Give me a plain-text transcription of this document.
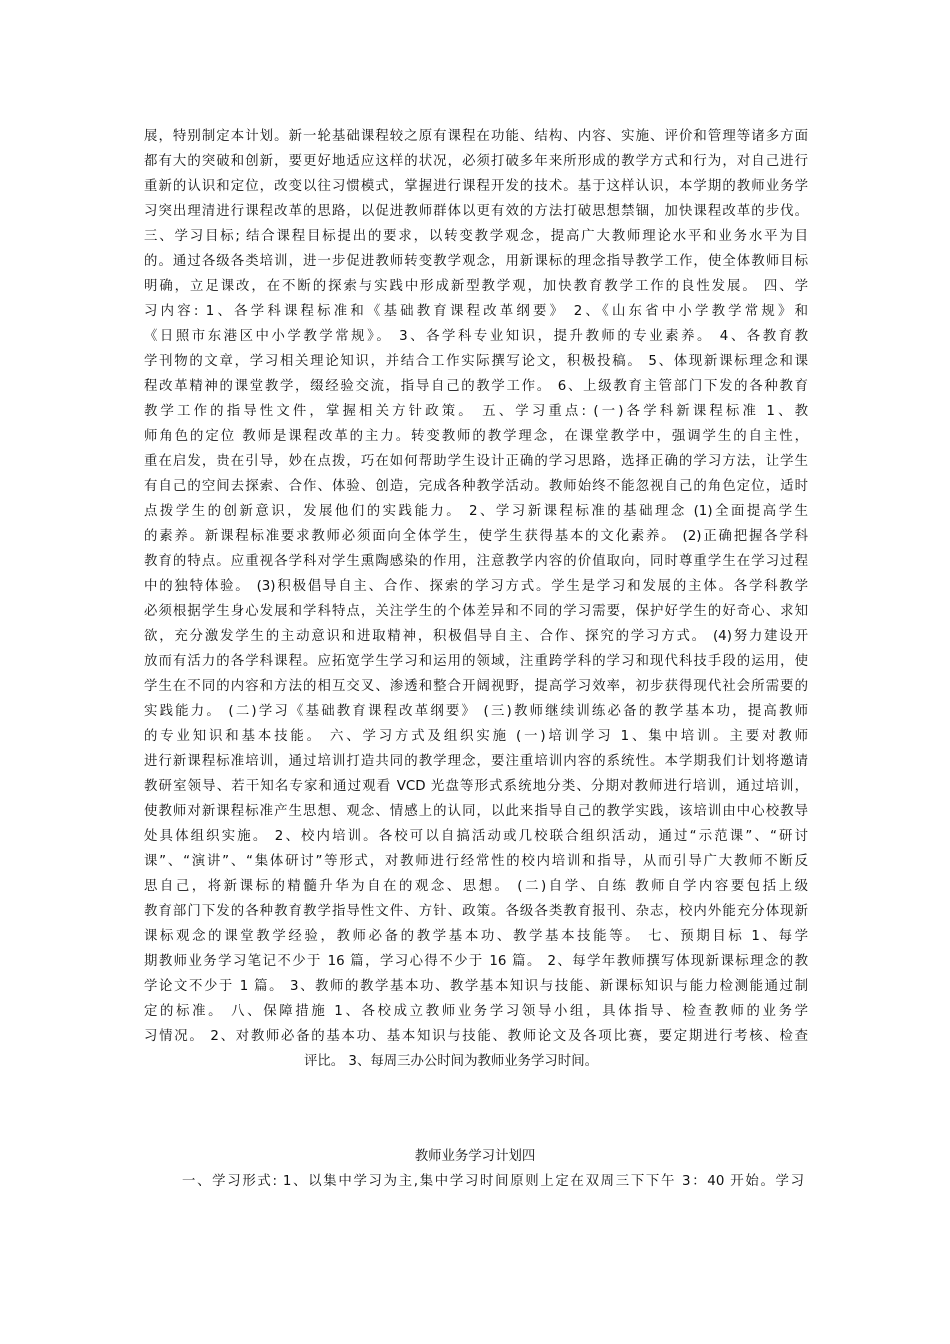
展，特别制定本计划。新一轮基础课程较之原有课程在功能、结构、内容、实施、评价和管理等诸多方面
都有大的突破和创新，要更好地适应这样的状况，必须打破多年来所形成的教学方式和行为，对自己进行
重新的认识和定位，改变以往习惯模式，掌握进行课程开发的技术。基于这样认识，本学期的教师业务学
习突出理清进行课程改革的思路，以促进教师群体以更有效的方法打破思想禁锢，加快课程改革的步伐。
三、学习目标; 结合课程目标提出的要求，以转变教学观念，提高广大教师理论水平和业务水平为目
的。通过各级各类培训，进一步促进教师转变教学观念，用新课标的理念指导教学工作，使全体教师目标
明确，立足课改，在不断的探索与实践中形成新型教学观，加快教育教学工作的良性发展。 四、学
习内容: 1、各学科课程标准和《基础教育课程改革纲要》 2、《山东省中小学教学常规》和
《日照市东港区中小学教学常规》。 3、各学科专业知识，提升教师的专业素养。 4、各教育教
学刊物的文章，学习相关理论知识，并结合工作实际撰写论文，积极投稿。 5、体现新课标理念和课
程改革精神的课堂教学，缀经验交流，指导自己的教学工作。 6、上级教育主管部门下发的各种教育
教学工作的指导性文件，掌握相关方针政策。 五、学习重点: (一)各学科新课程标准 1、教
师角色的定位 教师是课程改革的主力。转变教师的教学理念，在课堂教学中，强调学生的自主性，
重在启发，贵在引导，妙在点拨，巧在如何帮助学生设计正确的学习思路，选择正确的学习方法，让学生
有自己的空间去探索、合作、体验、创造，完成各种教学活动。教师始终不能忽视自己的角色定位，适时
点拨学生的创新意识，发展他们的实践能力。 2、学习新课程标准的基础理念 (1)全面提高学生
的素养。新课程标准要求教师必须面向全体学生，使学生获得基本的文化素养。 (2)正确把握各学科
教育的特点。应重视各学科对学生熏陶感染的作用，注意教学内容的价值取向，同时尊重学生在学习过程
中的独特体验。 (3)积极倡导自主、合作、探索的学习方式。学生是学习和发展的主体。各学科教学
必须根据学生身心发展和学科特点，关注学生的个体差异和不同的学习需要，保护好学生的好奇心、求知
欲，充分激发学生的主动意识和进取精神，积极倡导自主、合作、探究的学习方式。 (4)努力建设开
放而有活力的各学科课程。应拓宽学生学习和运用的领域，注重跨学科的学习和现代科技手段的运用，使
学生在不同的内容和方法的相互交叉、渗透和整合开阔视野，提高学习效率，初步获得现代社会所需要的
实践能力。 (二)学习《基础教育课程改革纲要》 (三)教师继续训练必备的教学基本功，提高教师
的专业知识和基本技能。 六、学习方式及组织实施 (一)培训学习 1、集中培训。主要对教师
进行新课程标准培训，通过培训打造共同的教学理念，要注重培训内容的系统性。本学期我们计划将邀请
教研室领导、若干知名专家和通过观看 VCD 光盘等形式系统地分类、分期对教师进行培训，通过培训，
使教师对新课程标准产生思想、观念、情感上的认同，以此来指导自己的教学实践，该培训由中心校教导
处具体组织实施。 2、校内培训。各校可以自搞活动或几校联合组织活动，通过“示范课”、“研讨
课”、“演讲”、“集体研讨”等形式，对教师进行经常性的校内培训和指导，从而引导广大教师不断反
思自己，将新课标的精髓升华为自在的观念、思想。 (二)自学、自练 教师自学内容要包括上级
教育部门下发的各种教育教学指导性文件、方针、政策。各级各类教育报刊、杂志，校内外能充分体现新
课标观念的课堂教学经验，教师必备的教学基本功、教学基本技能等。 七、预期目标 1、每学
期教师业务学习笔记不少于 16 篇，学习心得不少于 16 篇。 2、每学年教师撰写体现新课标理念的教
学论文不少于 1 篇。 3、教师的教学基本功、教学基本知识与技能、新课标知识与能力检测能通过制
定的标准。 八、保障措施 1、各校成立教师业务学习领导小组，具体指导、检查教师的业务学
习情况。 2、对教师必备的基本功、基本知识与技能、教师论文及各项比赛，要定期进行考核、检查
评比。 3、每周三办公时间为教师业务学习时间。
教师业务学习计划四
一、学习形式: 1、以集中学习为主,集中学习时间原则上定在双周三下下午 3：40 开始。学习
